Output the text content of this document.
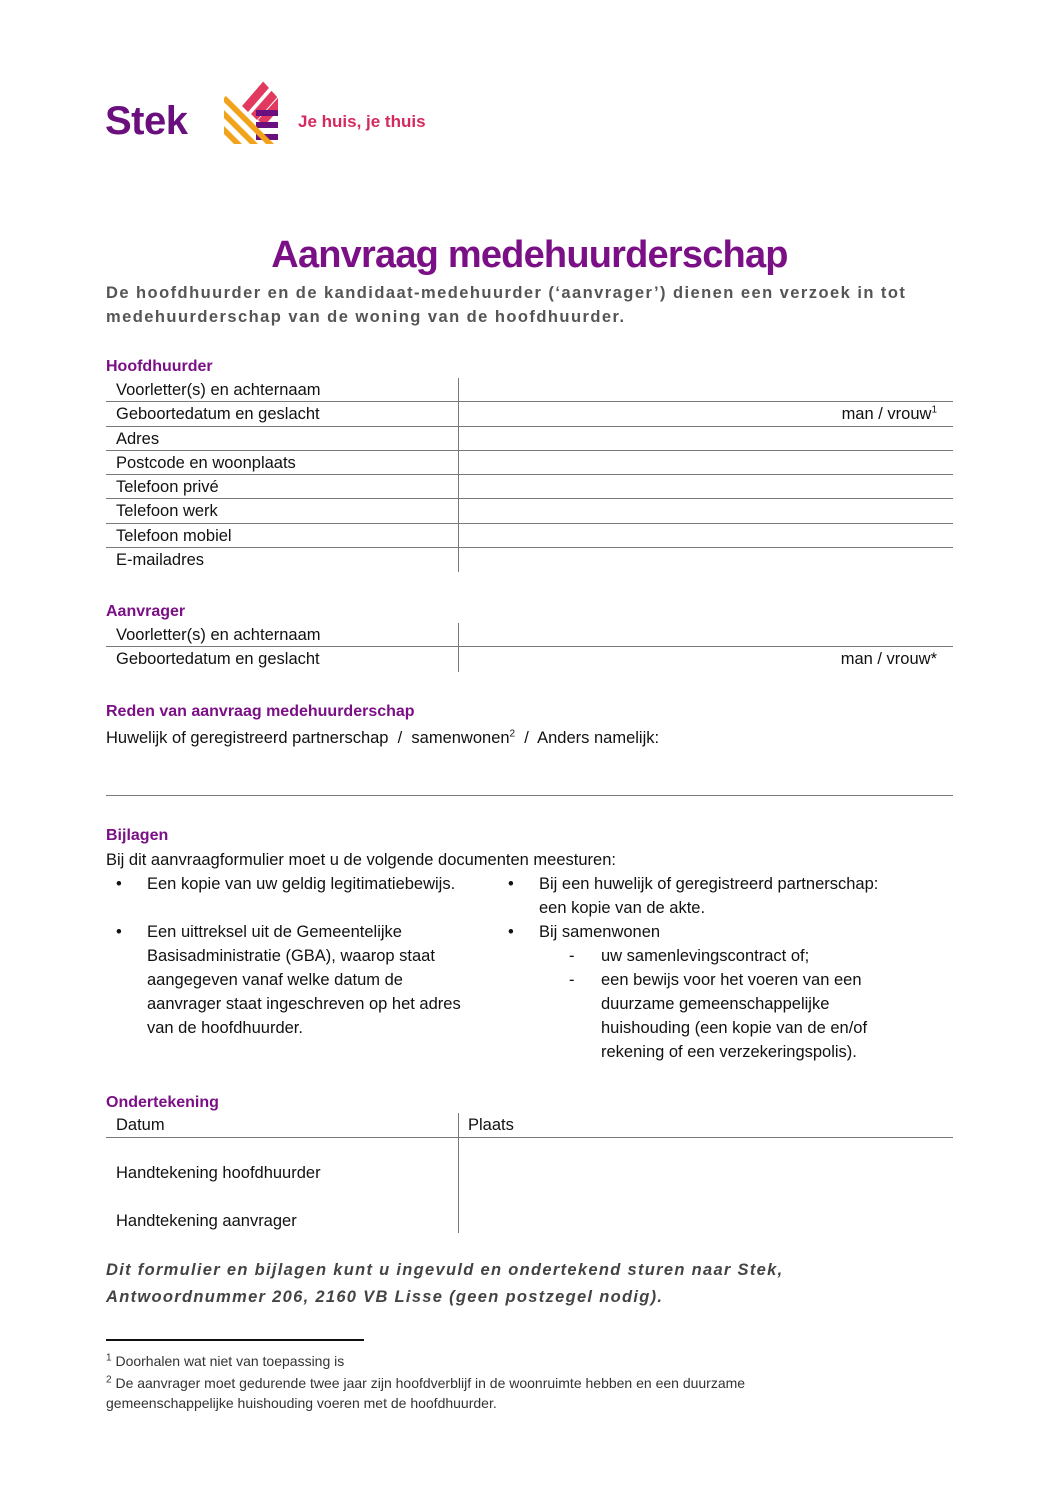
Stek	Je huis, je thuis
Aanvraag medehuurderschap
De hoofdhuurder en de kandidaat-medehuurder (‘aanvrager’) dienen een verzoek in tot medehuurderschap van de woning van de hoofdhuurder.
Hoofdhuurder
Voorletter(s) en achternaam
Geboortedatum en geslacht	man / vrouw$^1$
Adres
Postcode en woonplaats
Telefoon privé
Telefoon werk
Telefoon mobiel
E-mailadres
Aanvrager
Voorletter(s) en achternaam
Geboortedatum en geslacht	man / vrouw*
Reden van aanvraag medehuurderschap
Huwelijk of geregistreerd partnerschap  /  samenwonen$^2$  /  Anders namelijk:
Bijlagen
Bij dit aanvraagformulier moet u de volgende documenten meesturen:
• Een kopie van uw geldig legitimatiebewijs.
• Een uittreksel uit de Gemeentelijke
Basisadministratie (GBA), waarop staat
aangegeven vanaf welke datum de
aanvrager staat ingeschreven op het adres
van de hoofdhuurder.
• Bij een huwelijk of geregistreerd partnerschap:
een kopie van de akte.
• Bij samenwonen
- uw samenlevingscontract of;
- een bewijs voor het voeren van een
duurzame gemeenschappelijke
huishouding (een kopie van de en/of
rekening of een verzekeringspolis).
Ondertekening
Datum	Plaats
Handtekening hoofdhuurder
Handtekening aanvrager
Dit formulier en bijlagen kunt u ingevuld en ondertekend sturen naar Stek,
Antwoordnummer 206, 2160 VB Lisse (geen postzegel nodig).
$^1$ Doorhalen wat niet van toepassing is
$^2$ De aanvrager moet gedurende twee jaar zijn hoofdverblijf in de woonruimte hebben en een duurzame
gemeenschappelijke huishouding voeren met de hoofdhuurder.
